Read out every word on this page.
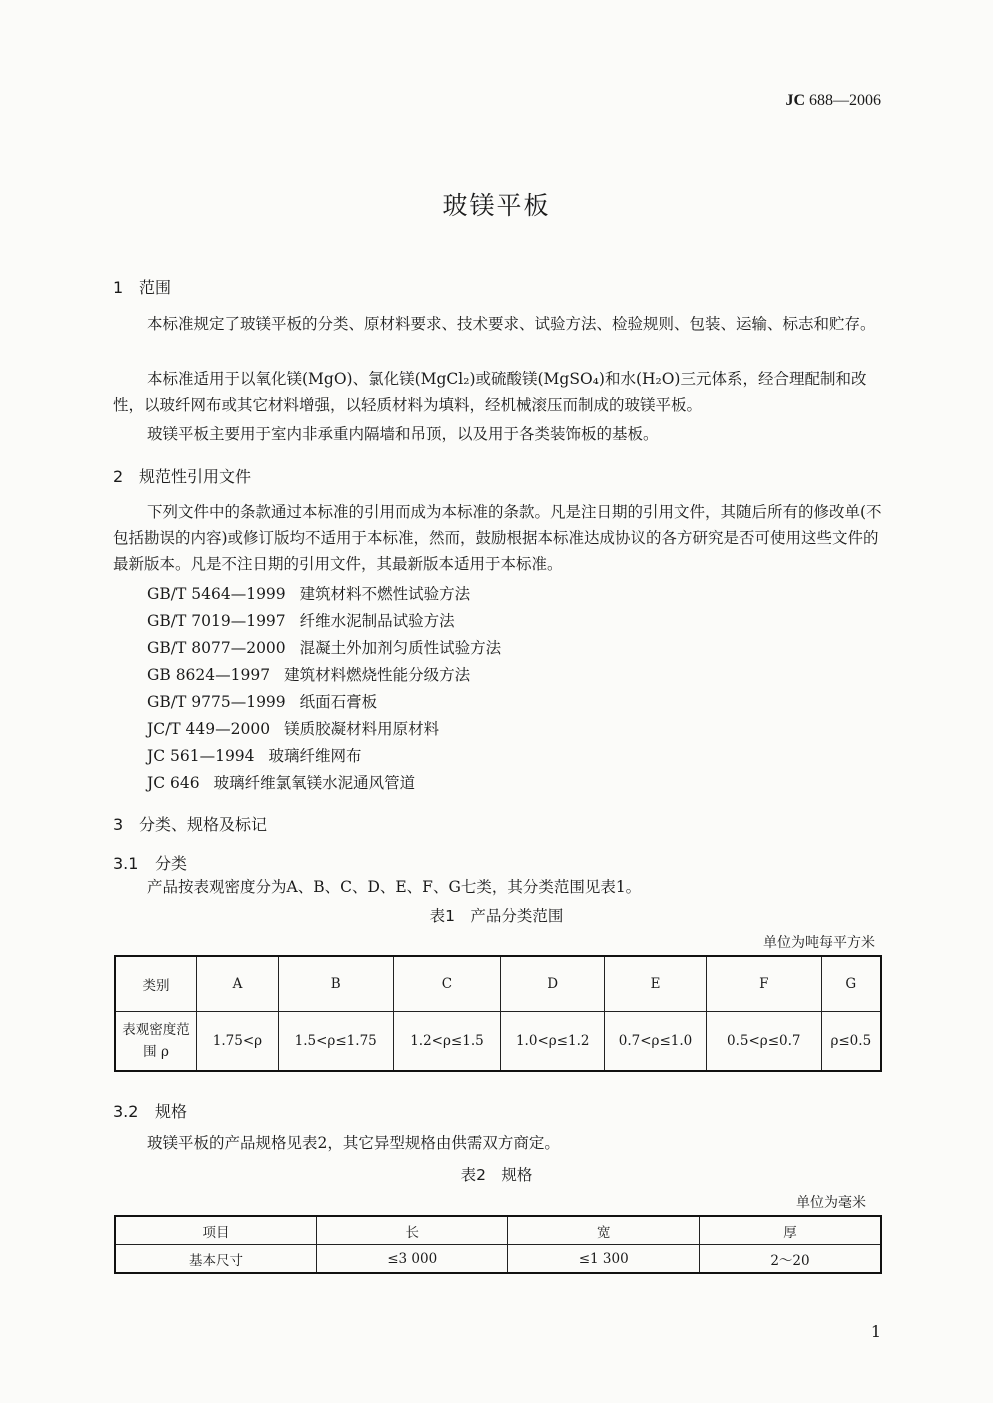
JC 688—2006
玻镁平板
1 范围
本标准规定了玻镁平板的分类、原材料要求、技术要求、试验方法、检验规则、包装、运输、标志和贮存。
本标准适用于以氧化镁(MgO)、氯化镁(MgCl₂)或硫酸镁(MgSO₄)和水(H₂O)三元体系，经合理配制和改性，以玻纤网布或其它材料增强，以轻质材料为填料，经机械滚压而制成的玻镁平板。
玻镁平板主要用于室内非承重内隔墙和吊顶，以及用于各类装饰板的基板。
2 规范性引用文件
下列文件中的条款通过本标准的引用而成为本标准的条款。凡是注日期的引用文件，其随后所有的修改单(不包括勘误的内容)或修订版均不适用于本标准，然而，鼓励根据本标准达成协议的各方研究是否可使用这些文件的最新版本。凡是不注日期的引用文件，其最新版本适用于本标准。
GB/T 5464—1999 建筑材料不燃性试验方法
GB/T 7019—1997 纤维水泥制品试验方法
GB/T 8077—2000 混凝土外加剂匀质性试验方法
GB 8624—1997 建筑材料燃烧性能分级方法
GB/T 9775—1999 纸面石膏板
JC/T 449—2000 镁质胶凝材料用原材料
JC 561—1994 玻璃纤维网布
JC 646 玻璃纤维氯氧镁水泥通风管道
3 分类、规格及标记
3.1 分类
产品按表观密度分为A、B、C、D、E、F、G七类，其分类范围见表1。
表1　产品分类范围
单位为吨每平方米
类别	A	B	C	D	E	F	G
表观密度范围 ρ	1.75<ρ	1.5<ρ≤1.75	1.2<ρ≤1.5	1.0<ρ≤1.2	0.7<ρ≤1.0	0.5<ρ≤0.7	ρ≤0.5
3.2 规格
玻镁平板的产品规格见表2，其它异型规格由供需双方商定。
表2　规格
单位为毫米
项目	长	宽	厚
基本尺寸	≤3 000	≤1 300	2～20
1
